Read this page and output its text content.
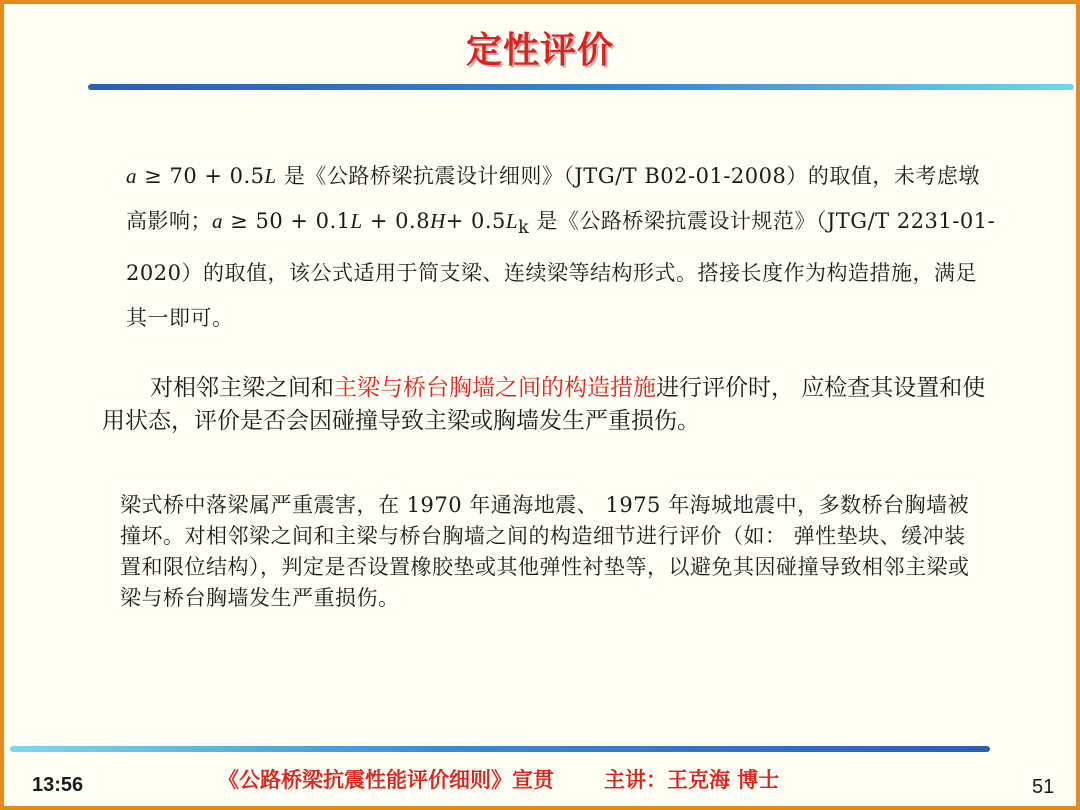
定性评价

a ≥ 70 + 0.5L 是《公路桥梁抗震设计细则》（JTG/T B02-01-2008）的取值，未考虑墩高影响；$a \ge 50 + 0.1L + 0.8H+ 0.5L_k$ 是《公路桥梁抗震设计规范》（JTG/T 2231-01-2020）的取值，该公式适用于简支梁、连续梁等结构形式。搭接长度作为构造措施，满足其一即可。

对相邻主梁之间和主梁与桥台胸墙之间的构造措施进行评价时， 应检查其设置和使用状态，评价是否会因碰撞导致主梁或胸墙发生严重损伤。

梁式桥中落梁属严重震害，在 1970 年通海地震、 1975 年海城地震中，多数桥台胸墙被撞坏。对相邻梁之间和主梁与桥台胸墙之间的构造细节进行评价（如： 弹性垫块、缓冲装置和限位结构），判定是否设置橡胶垫或其他弹性衬垫等，以避免其因碰撞导致相邻主梁或梁与桥台胸墙发生严重损伤。

13:56	《公路桥梁抗震性能评价细则》宣贯 主讲：王克海 博士	51
